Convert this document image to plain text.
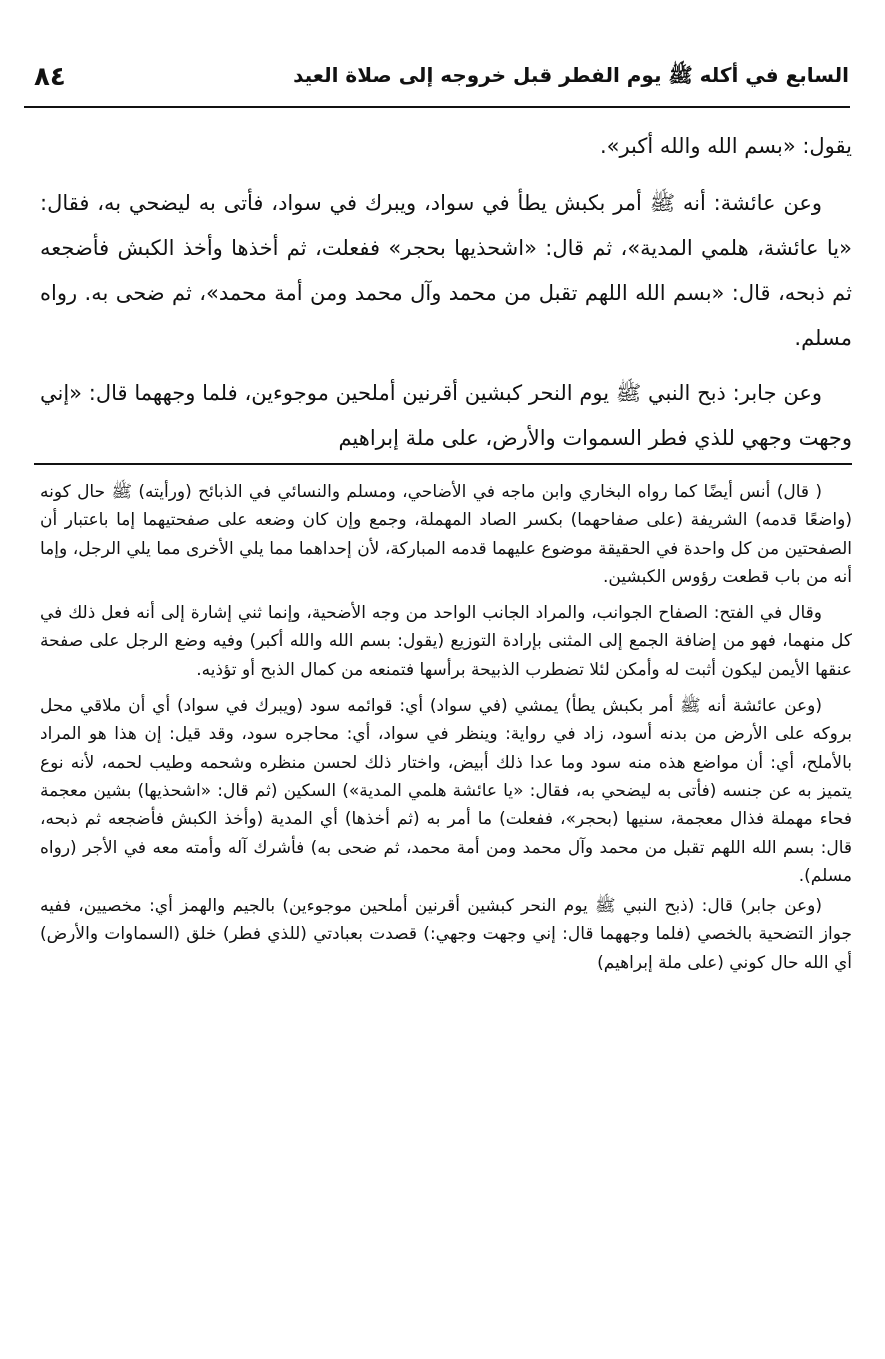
السابع في أكله ﷺ يوم الفطر قبل خروجه إلى صلاة العيد
٨٤

يقول: «بسم الله والله أكبر».

وعن عائشة: أنه ﷺ أمر بكبش يطأ في سواد، ويبرك في سواد، فأتى به ليضحي به، فقال: «يا عائشة، هلمي المدية»، ثم قال: «اشحذيها بحجر» ففعلت، ثم أخذها وأخذ الكبش فأضجعه ثم ذبحه، قال: «بسم الله اللهم تقبل من محمد وآل محمد ومن أمة محمد»، ثم ضحى به. رواه مسلم.

وعن جابر: ذبح النبي ﷺ يوم النحر كبشين أقرنين أملحين موجوءين، فلما وجههما قال: «إني وجهت وجهي للذي فطر السموات والأرض، على ملة إبراهيم

( قال) أنس أيضًا كما رواه البخاري وابن ماجه في الأضاحي، ومسلم والنسائي في الذبائح (ورأيته) ﷺ حال كونه (واضعًا قدمه) الشريفة (على صفاحهما) بكسر الصاد المهملة، وجمع وإن كان وضعه على صفحتيهما إما باعتبار أن الصفحتين من كل واحدة في الحقيقة موضوع عليهما قدمه المباركة، لأن إحداهما مما يلي الأخرى مما يلي الرجل، وإما أنه من باب قطعت رؤوس الكبشين.

وقال في الفتح: الصفاح الجوانب، والمراد الجانب الواحد من وجه الأضحية، وإنما ثني إشارة إلى أنه فعل ذلك في كل منهما، فهو من إضافة الجمع إلى المثنى بإرادة التوزيع (يقول: بسم الله والله أكبر) وفيه وضع الرجل على صفحة عنقها الأيمن ليكون أثبت له وأمكن لئلا تضطرب الذبيحة برأسها فتمنعه من كمال الذبح أو تؤذيه.

(وعن عائشة أنه ﷺ أمر بكبش يطأ) يمشي (في سواد) أي: قوائمه سود (ويبرك في سواد) أي أن ملاقي محل بروكه على الأرض من بدنه أسود، زاد في رواية: وينظر في سواد، أي: محاجره سود، وقد قيل: إن هذا هو المراد بالأملح، أي: أن مواضع هذه منه سود وما عدا ذلك أبيض، واختار ذلك لحسن منظره وشحمه وطيب لحمه، لأنه نوع يتميز به عن جنسه (فأتى به ليضحي به، فقال: «يا عائشة هلمي المدية») السكين (ثم قال: «اشحذيها) بشين معجمة فحاء مهملة فذال معجمة، سنيها (بحجر»، ففعلت) ما أمر به (ثم أخذها) أي المدية (وأخذ الكبش فأضجعه ثم ذبحه، قال: بسم الله اللهم تقبل من محمد وآل محمد ومن أمة محمد، ثم ضحى به) فأشرك آله وأمته معه في الأجر (رواه مسلم).

(وعن جابر) قال: (ذبح النبي ﷺ يوم النحر كبشين أقرنين أملحين موجوءين) بالجيم والهمز أي: مخصيين، ففيه جواز التضحية بالخصي (فلما وجههما قال: إني وجهت وجهي:) قصدت بعبادتي (للذي فطر) خلق (السماوات والأرض) أي الله حال كوني (على ملة إبراهيم)
